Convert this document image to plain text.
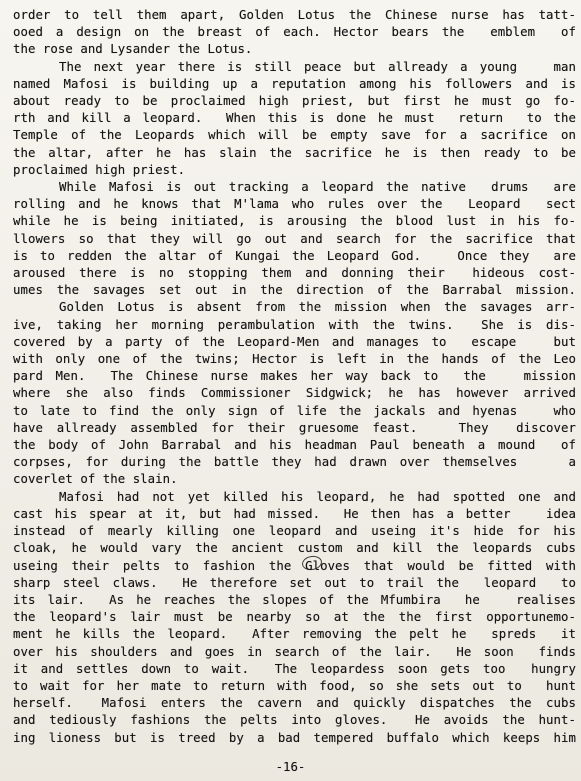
order to tell them apart, Golden Lotus the Chinese nurse has tatt-
ooed a design on the breast of each. Hector bears the  emblem  of
the rose and Lysander the Lotus.
The next year there is still peace but allready a young   man
named Mafosi is building up a reputation among his followers and is
about ready to be proclaimed high priest, but first he must go fo-
rth and kill a leopard.  When this is done he must  return  to the
Temple of the Leopards which will be empty save for a sacrifice on
the altar, after he has slain the sacrifice he is then ready to be
proclaimed high priest.
While Mafosi is out tracking a leopard the native  drums  are
rolling and he knows that M'lama who rules over the  Leopard  sect
while he is being initiated, is arousing the blood lust in his fo-
llowers so that they will go out and search for the sacrifice that
is to redden the altar of Kungai the Leopard God.   Once they  are
aroused there is no stopping them and donning their  hideous cost-
umes the savages set out in the direction of the Barrabal mission.
Golden Lotus is absent from the mission when the savages arr-
ive, taking her morning perambulation with the twins.  She is dis-
covered by a party of the Leopard-Men and manages to  escape   but
with only one of the twins; Hector is left in the hands of the Leo
pard Men.  The Chinese nurse makes her way back to  the   mission
where she also finds Commissioner Sidgwick; he has however arrived
to late to find the only sign of life the jackals and hyenas   who
have allready assembled for their gruesome feast.   They  discover
the body of John Barrabal and his headman Paul beneath a mound  of
corpses, for during the battle they had drawn over themselves    a
coverlet of the slain.
Mafosi had not yet killed his leopard, he had spotted one and
cast his spear at it, but had missed.  He then has a better   idea
instead of mearly killing one leopard and useing it's hide for his
cloak, he would vary the ancient custom and kill the leopards cubs
useing their pelts to fashion the Gloves that would be fitted with
sharp steel claws.  He therefore set out to trail the  leopard  to
its lair.  As he reaches the slopes of the Mfumbira  he   realises
the leopard's lair must be nearby so at the the first opportunemo-
ment he kills the leopard.  After removing the pelt he  spreds  it
over his shoulders and goes in search of the lair.  He soon  finds
it and settles down to wait.  The leopardess soon gets too  hungry
to wait for her mate to return with food, so she sets out to  hunt
herself.  Mafosi enters the cavern and quickly dispatches the cubs
and tediously fashions the pelts into gloves.  He avoids the hunt-
ing lioness but is treed by a bad tempered buffalo which keeps him
-16-
